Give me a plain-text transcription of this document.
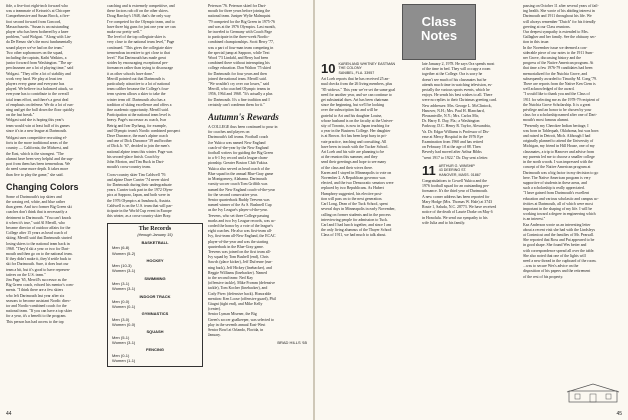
fide, a five-foot eight-inch forward who
was a teammate of Keiraris's at Chicopee
Comprehensive and Susan Brock, a five-
foot second forward from Concord,
Massachusetts. "Susan is an outstanding
player who has been bothered by a knee
problem," said Wolgast. "Along with Lin-
da De Renzo she's the most fundamentally
sound player we've had on the team."
Two other sophomores on the squad,
including the captain, Kathi Watkins, a
junior forward from Washington. "The up-
perclassmen are a lot of playing time," said
Wolgast. "They offer a lot of stability and
work very hard. We play at least ten
players every game and everyone has
played. We believe in a balanced attack, so
everyone has to contribute to the overall
total team effort, and there's a great deal
of emphasis on defense. We do a lot of run-
ning and get the ball down the floor quickly
on the fast break."
Wolgast said she is hoping this year's
team would win at least half of its games
since it's in a new league at Dartmouth.
Wolgast uses competitive recruiting ef-
forts in the more traditional areas of the
country — California, the Midwest, and
the East, which is the strongest. "The
alumni have been very helpful and the sup-
port from them has been tremendous. We
do need some more depth. It takes more
than five to play the game," she said.
Changing Colors
Some of Dartmouth's top skiers and
the waxing red, white, and blue rather
than green. And two former Big Green ski
coaches don't think that is necessarily a
detriment to Dartmouth. "You can't knock
it when it's true," said Al Merrill, who
became director of outdoor affairs for the
College after 15 years as head coach of
skiing. Merrill said that Dartmouth started
losing skiers to the national team back in
1968. "They'd ski a year or two for Dart-
mouth and then go on to the national team.
If they didn't make it, they'd settle back to
ski for Dartmouth. Sure, it does hurt our
team a bit, but it's good to have represen-
tatives on the U.S. team."
Jim Page '65, Merrill's successor as the
Big Green coach, echoed his mentor's com-
ments. "I think there are a few skiers
who left Dartmouth last year after six
seasons to become assistant Nordic direc-
tor and Nordic-combined coach for the
national team. "If you can have a top skier
for a year, it's a benefit to the program.
This person has had access to the top
coaching and is extremely competitive, and
these factors rub off on the other skiers.
Doug Barclay's 1948, that's the only way
I've competed for the Olympic team, and to
have three big guns for just one year we can
make our pretty well."
The level of the top collegiate skier is
very close to the national team level," Page
continued. "This gives the collegiate skier
tremendous incentive to get close to that
level." But Dartmouth has made great
strides by encouraging exceptional per-
formances rather than trying to discourage
it as other schools have done."
Merrill pointed out that Dartmouth is
particularly attractive to a lot of national
team caliber because the College's four-
term system allows a skier to take the
winter term off. Dartmouth also has a
tradition of skiing excellence and offers a
fine academic opportunity. Merrill said.
Participation at the national team level is
heavy. Page's successor as coach, Ivar
Beirig and Ivar Dyrhaug, for example,
and Olympic team's Nordic combined prospect
Dave Durrance, the man's alpine coach
and one of Dick Durrance '39 and brother
of Dick Jr. '67, decided to join the men's
national alpine team this winter. Page was
his second-place finish. Coach by
John Morton, and Tim Buck in Dart-
mouth's cross-country team.
Cross-country skier Tim Caldwell '76
and alpine Dave Currier '74 never skied
for Dartmouth during their undergraduate
years. Currier took part in the 1972 Olym-
pics at Sapporo, Japan, and both were in
the 1976 Olympics at Innsbruck, Austria.
Caldwell is on the U.S. team that will par-
ticipate in the World Cup event in Europe
this winter, as a cross-country skier Bray.
The Records
(through January 15)
BASKETBALL
Men (6-8)
Women (5-2)
HOCKEY
Men (10-3)
Women (3-1)
SWIMMING
Men (3-1)
Women (3-1)
INDOOR TRACK
Men (0-0)
Women (0-1)
GYMNASTICS
Men (3-0)
Women (0-0)
SQUASH
Men (5-1)
Women (3-1)
FENCING
Men (0-1)
Women (1-1)
Peterson '76. Peterson skied for Dart-
mouth for three years before joining the
national team. Juniper Wylie Malmquist
'79 competed for the Big Green in 1975-76
and was at the 1976 Olympics. Last month,
he traveled to Germany with Coach Page
to participate in the three-week Nordic-
combined championships. Scott Berry '77,
was a part of four-man team competing in
the special jump at Sapporo, while Text
Wood '73 Lindahl, and Berry had been
combined there without interrupting his
college education. Don Walton '75 skied
for Dartmouth for four years and then
joined the national team. Merrill said.
"We wouldn't cry over our losses," said
Merrill, who coached Olympic teams in
1956, 1964 and 1968. "It's actually a plus
for Dartmouth. It's a fine tradition and I
certainly can't condemn them for it."
Autumn's Rewards
A COLLEGE thus been continued to pour in
for coaches and players on
Dartmouth's fall teams. Football coach
Joe Yukica was named New England
coach-of-the-year by the New England
football writers for guiding the Big Green
to a 6-1 Ivy record and a league cham-
pionship. Greater Boston Club Yukica.
Yukica also served as head coach of the
Blue squad in the annual Blue-Gray game
in Montgomery, Alabama. Dartmouth
varsity soccer coach Tom Griffith was
named the New England coach-of-the-year
for the second consecutive year.
Senior quarterback Buddy Teevens was
named winner of the As S. Bushnell Cup
as the Ivy League's player-of-the-year.
Teevens, who set three College passing
marks and two Ivy League records, was ac-
corded the honor by a vote of the league's
eight coaches. He also was first-team all-
Ivy, first-team all-New England, the ECAC
player-of-the-year and was the starting
quarterback in the Blue-Gray game.
Teevens was joined on the first team all-
Ivy squad by Tom Bushell (end), Chris
Sawch (place kicker), Jeff Dufresne (run-
ning back), Jeff Hickey (linebacker), and
Reggie Williams (linebacker). Named
to the second team: Ned Kay
(offensive tackle), Mike Fromm (defensive
tackle), Tom Kocher (linebacker), and
Cody Pivec (defensive back). Honorable
mention: Ken Loose (offensive guard), Phil
Giugni (tight end), and Mike Kelly
(center).
Senior Lyman Misener, the Big
Green's soccer goalkeeper, was selected to
play in the seventh annual East-West
Senior Bowl at Orlando, Florida, in
January.
BRAD HILLS '65
44
Class
Notes
10 KAREN AND WHITNEY EASTMAN
THE COLONY
SANIBEL, FLA. 33957
Art Loeb reports that he has received 25 an-
nual checks from the 26 living members, plus
"85 widows." This year we've set the same goal
need for another year, and we can continue to
get substantial dues. Art has been chairman
since the beginning, but we'll be looking
over the subscription list and will be
grateful to Art and his daughter Louise,
whose husband is on the faculty at the Univer-
sity of Toronto, is now in Japan teaching for
a year in the Business College. Her daughter
is at Brown. Art has been kept busy in pri-
vate practice, teaching and consulting. All
have been in touch with the Tucker School.
Art Loeb and his wife are planning to be
at the reunion this summer, and they
send their greetings and hope to see many
of the class and their wives there.
Karen and I stayed in Minneapolis to vote on
November 2. A Republican governor was
elected, and the two Democratic senators were
replaced by two Republicans. As Hubert
Humphrey suggested, his elective posi-
tion will pass on to the next generation.
Carl Long, Dean of the Tuck School, spent
several days in Minneapolis in early November,
calling on former students and in the process
interviewing people for admission to Tuck.
Carl and I had lunch together, and since I am
the only living alumnus of the Thayer School
Class of 1911, we had much to talk about.
late January 2, 1978. He says Ora spends most
of the time in bed. They will occupy a room
together at the College. Ora is sorry he
doesn't see much of his classmates but he
attends much time in watching television, es-
pecially the various sports events, which he
enjoys. He sends his best wishes to all. There
were no replies to their Christmas greeting card.
New addresses: Mrs. George L. McClintock,
Hanover, N.H.; Mrs. Paul H. Blanchard,
Pleasantville, N.Y.; Mrs. Carlos Mir,
Dr. Harry E. Day, Fla.; a Washington
Parkway, D.C. Henry R. Taylor, Alexandria,
Va. Dr. Edgar Williams is Professor of Dis-
ease at Mercy Hospital in the 1976 Eye
Examination from 1960 and has retired
on February 18 at the age of 88. Then
Beverly had moved after Arthur Bibbs
"went 1917 to 1922." Dr. Day sent a letter.
11 ARTHUR G. WINSHIP
43 DEERING ST.
HANOVER, MASS. 01867
Congratulations to Cowell Yukica and the
1976 football squad for an outstanding per-
formance. It's the third year of Dartmouth.
A new corner address has been reported for
Mary Hodge (Mrs. Thomas W. Hale) at 3743
Route 1, Saluda, N.C. 28773. We have received
notice of the death of Laurie Drake on May 6
in Honolulu. We send our sympathy to his
wife Julia and to his family.
passing on October 11 after several years of fail-
ing health. She wrote of his abiding interest in
Dartmouth and 1911 throughout his life. We
will always remember "Dutch" for his friendly
greeting at our Class reunions.
Our deepest sympathy is extended to Mrs.
Gallagher and her family. See the obituary sec-
tion in this issue.
In the November issue we deemed a con-
siderable piece of our notes to the 1911 Sum-
ner Grove, discussing history and the
progress of the Native American program. At
that time a few 1976-79 candidates had been
memorialized for the Nutchia Grove, and
subsequently awarded to Timothy M. Cong '79.
There are reports from the Native Ken Ciem is
well acknowledged of the award.
"I would like to thank you and the Class of
1911 for selecting me as the 1978-79 recipient of
the Nutchia Grove Scholarship. It is a great
privilege and an honor to be chosen by your
class for a scholarship named after one of Dart-
mouth's most famous alumni.
"Presently my Cherokee Indian heritage, I
was born in Tahlequah, Oklahoma, but was born
and raised in Detroit, Mich. Although I had
originally planned to attend the University of
Michigan, my friend in Hill House, one of my
classmates, a trip to Hanover and advise from
my parents led me to choose a smaller college
in the north woods. I was impressed with the
concept of the Native American program at
Dartmouth was a big factor in my decision to go
here. The Native American program is very
supportive of students in these areas, and
such a scholarship is really appreciated.
"I have gained from Dartmouth's excellent
education and various scholastic and campus ac-
tivities at Dartmouth, all of which were most
important in the shaping of my life. I will be
working toward a degree in engineering which
is an interest."
Kaz Anderson wrote us an interesting letter
about a recent visit she had with the Lindsleys
at Conimicut and the families of Mr. Pearsall.
She reported that Ross and Pat appeared to be
in good shape. She found Wes better and
with correspondence spread all over the table.
She also noted that one of the lights will
need a new thread in the cupboard of the room.
...was to secure Wes's advice on the
disposition of his papers and the retirement
of the rest of his property.
45
